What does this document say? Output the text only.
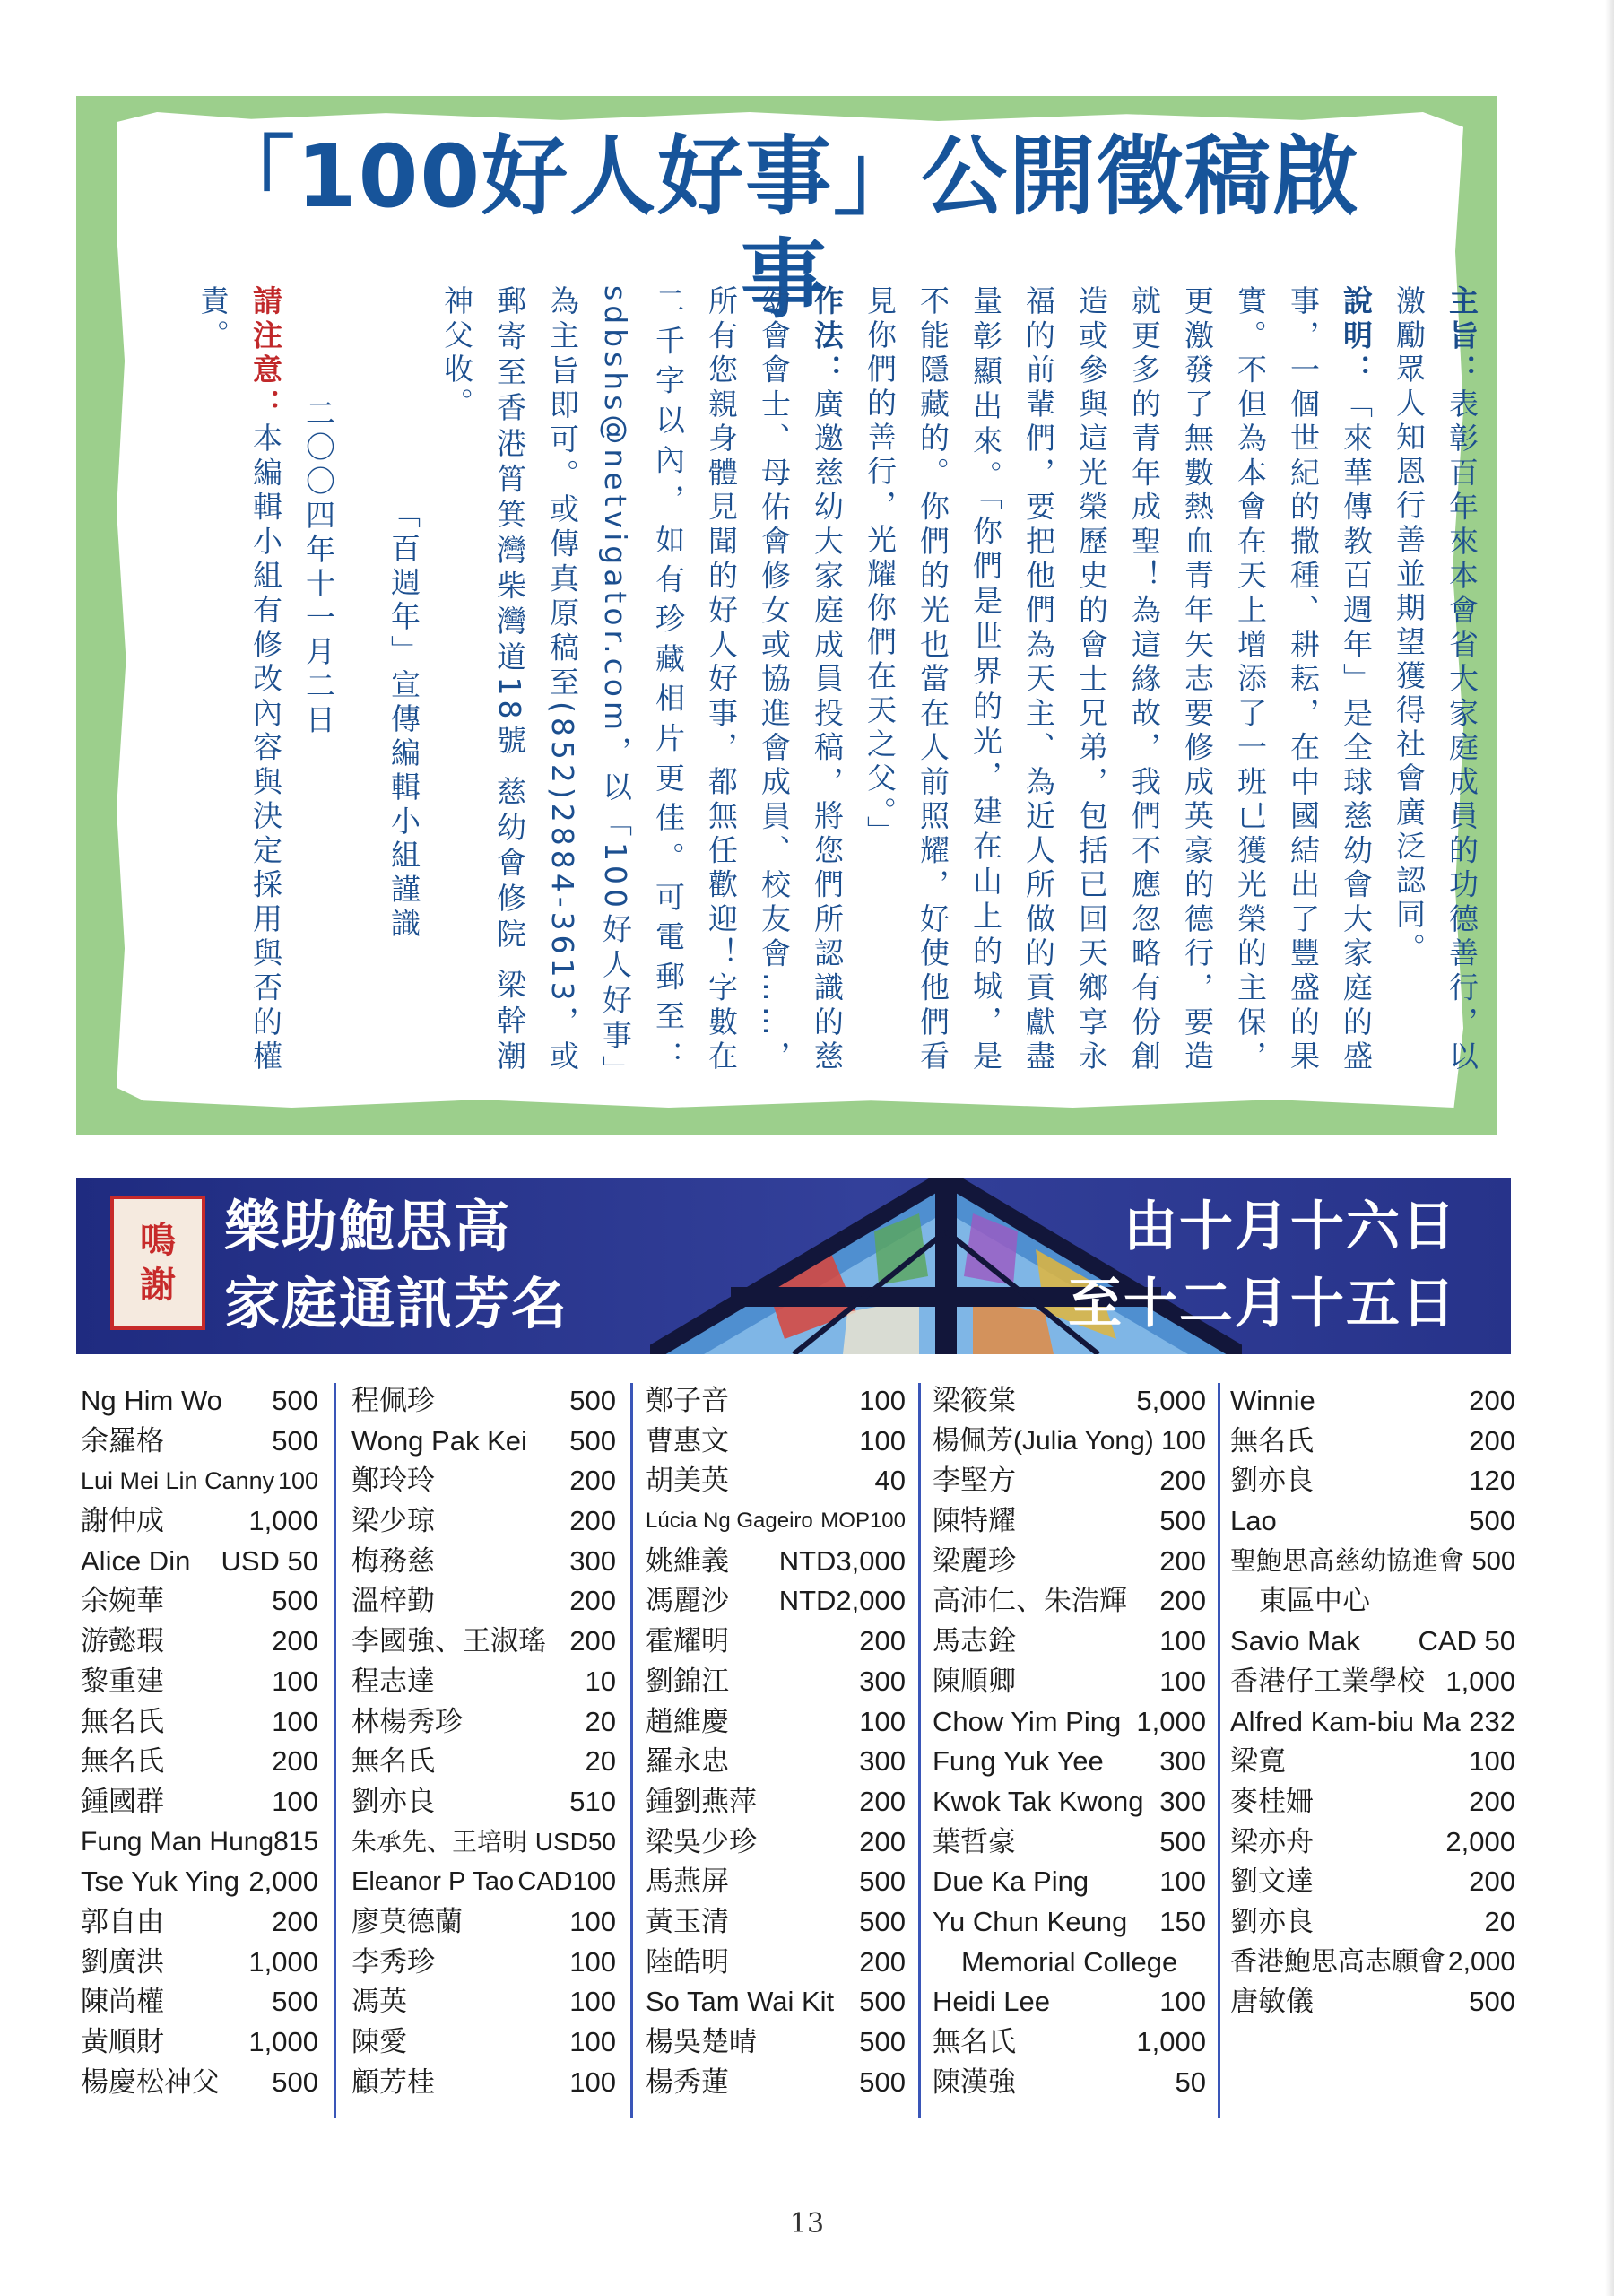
「100好人好事」公開徵稿啟事

主旨：表彰百年來本會省大家庭成員的功德善行，以激勵眾人知恩行善並期望獲得社會廣泛認同。

說明：「來華傳教百週年」是全球慈幼會大家庭的盛事，一個世紀的撒種、耕耘，在中國結出了豐盛的果實。不但為本會在天上增添了一班已獲光榮的主保，更激發了無數熱血青年矢志要修成英豪的德行，要造就更多的青年成聖！為這緣故，我們不應忽略有份創造或參與這光榮歷史的會士兄弟，包括已回天鄉享永福的前輩們，要把他們為天主、為近人所做的貢獻盡量彰顯出來。「你們是世界的光，建在山上的城，是不能隱藏的。你們的光也當在人前照耀，好使他們看見你們的善行，光耀你們在天之父。」

作法：廣邀慈幼大家庭成員投稿，將您們所認識的慈幼會會士、母佑會修女或協進會成員、校友會……，所有您親身體見聞的好人好事，都無任歡迎！字數在二千字以內，如有珍藏相片更佳。可電郵至：sdbshs@netvigator.com，以「100好人好事」為主旨即可。或傳真原稿至(852)2884-3613，或郵寄至香港筲箕灣柴灣道18號 慈幼會修院 梁幹潮神父收。

「百週年」宣傳編輯小組謹識

二〇〇四年十一月二日

請注意：本編輯小組有修改內容與決定採用與否的權責。

鳴
謝
樂助鮑思高
家庭通訊芳名
由十月十六日
至十二月十五日
Ng Him Wo 500
余羅格	500
Lui Mei Lin Canny 100
謝仲成	1,000
Alice Din USD 50
余婉華	500
游懿瑕	200
黎重建	100
無名氏	100
無名氏	200
鍾國群	100
Fung Man Hung 815
Tse Yuk Ying 2,000
郭自由	200
劉廣洪	1,000
陳尚權	500
黃順財	1,000
楊慶松神父 500
程佩珍	500
Wong Pak Kei 500
鄭玲玲	200
梁少琼	200
梅務慈	300
溫梓勤	200
李國強、王淑瑤 200
程志達	10
林楊秀珍	20
無名氏	20
劉亦良	510
朱承先、王培明 USD50
Eleanor P Tao CAD100
廖莫德蘭	100
李秀珍	100
馮英	100
陳愛	100
顧芳桂	100
鄭子音	100
曹惠文	100
胡美英	40
Lúcia Ng Gageiro MOP100
姚維義 NTD3,000
馮麗沙 NTD2,000
霍耀明	200
劉錦江	300
趙維慶	100
羅永忠	300
鍾劉燕萍	200
梁吳少珍	200
馬燕屏	500
黃玉清	500
陸皓明	200
So Tam Wai Kit 500
楊吳楚晴	500
楊秀蓮	500
梁筱棠	5,000
楊佩芳(Julia Yong) 100
李堅方	200
陳特耀	500
梁麗珍	200
高沛仁、朱浩輝 200
馬志銓	100
陳順卿	100
Chow Yim Ping 1,000
Fung Yuk Yee 300
Kwok Tak Kwong 300
葉哲豪	500
Due Ka Ping	100
Yu Chun Keung 150
Memorial College
Heidi Lee	100
無名氏	1,000
陳漢強	50
Winnie	200
無名氏	200
劉亦良	120
Lao	500
聖鮑思高慈幼協進會 500
東區中心
Savio Mak CAD 50
香港仔工業學校 1,000
Alfred Kam-biu Ma 232
梁寛	100
麥桂姍	200
梁亦舟	2,000
劉文達	200
劉亦良	20
香港鮑思高志願會 2,000
唐敏儀	500
13
